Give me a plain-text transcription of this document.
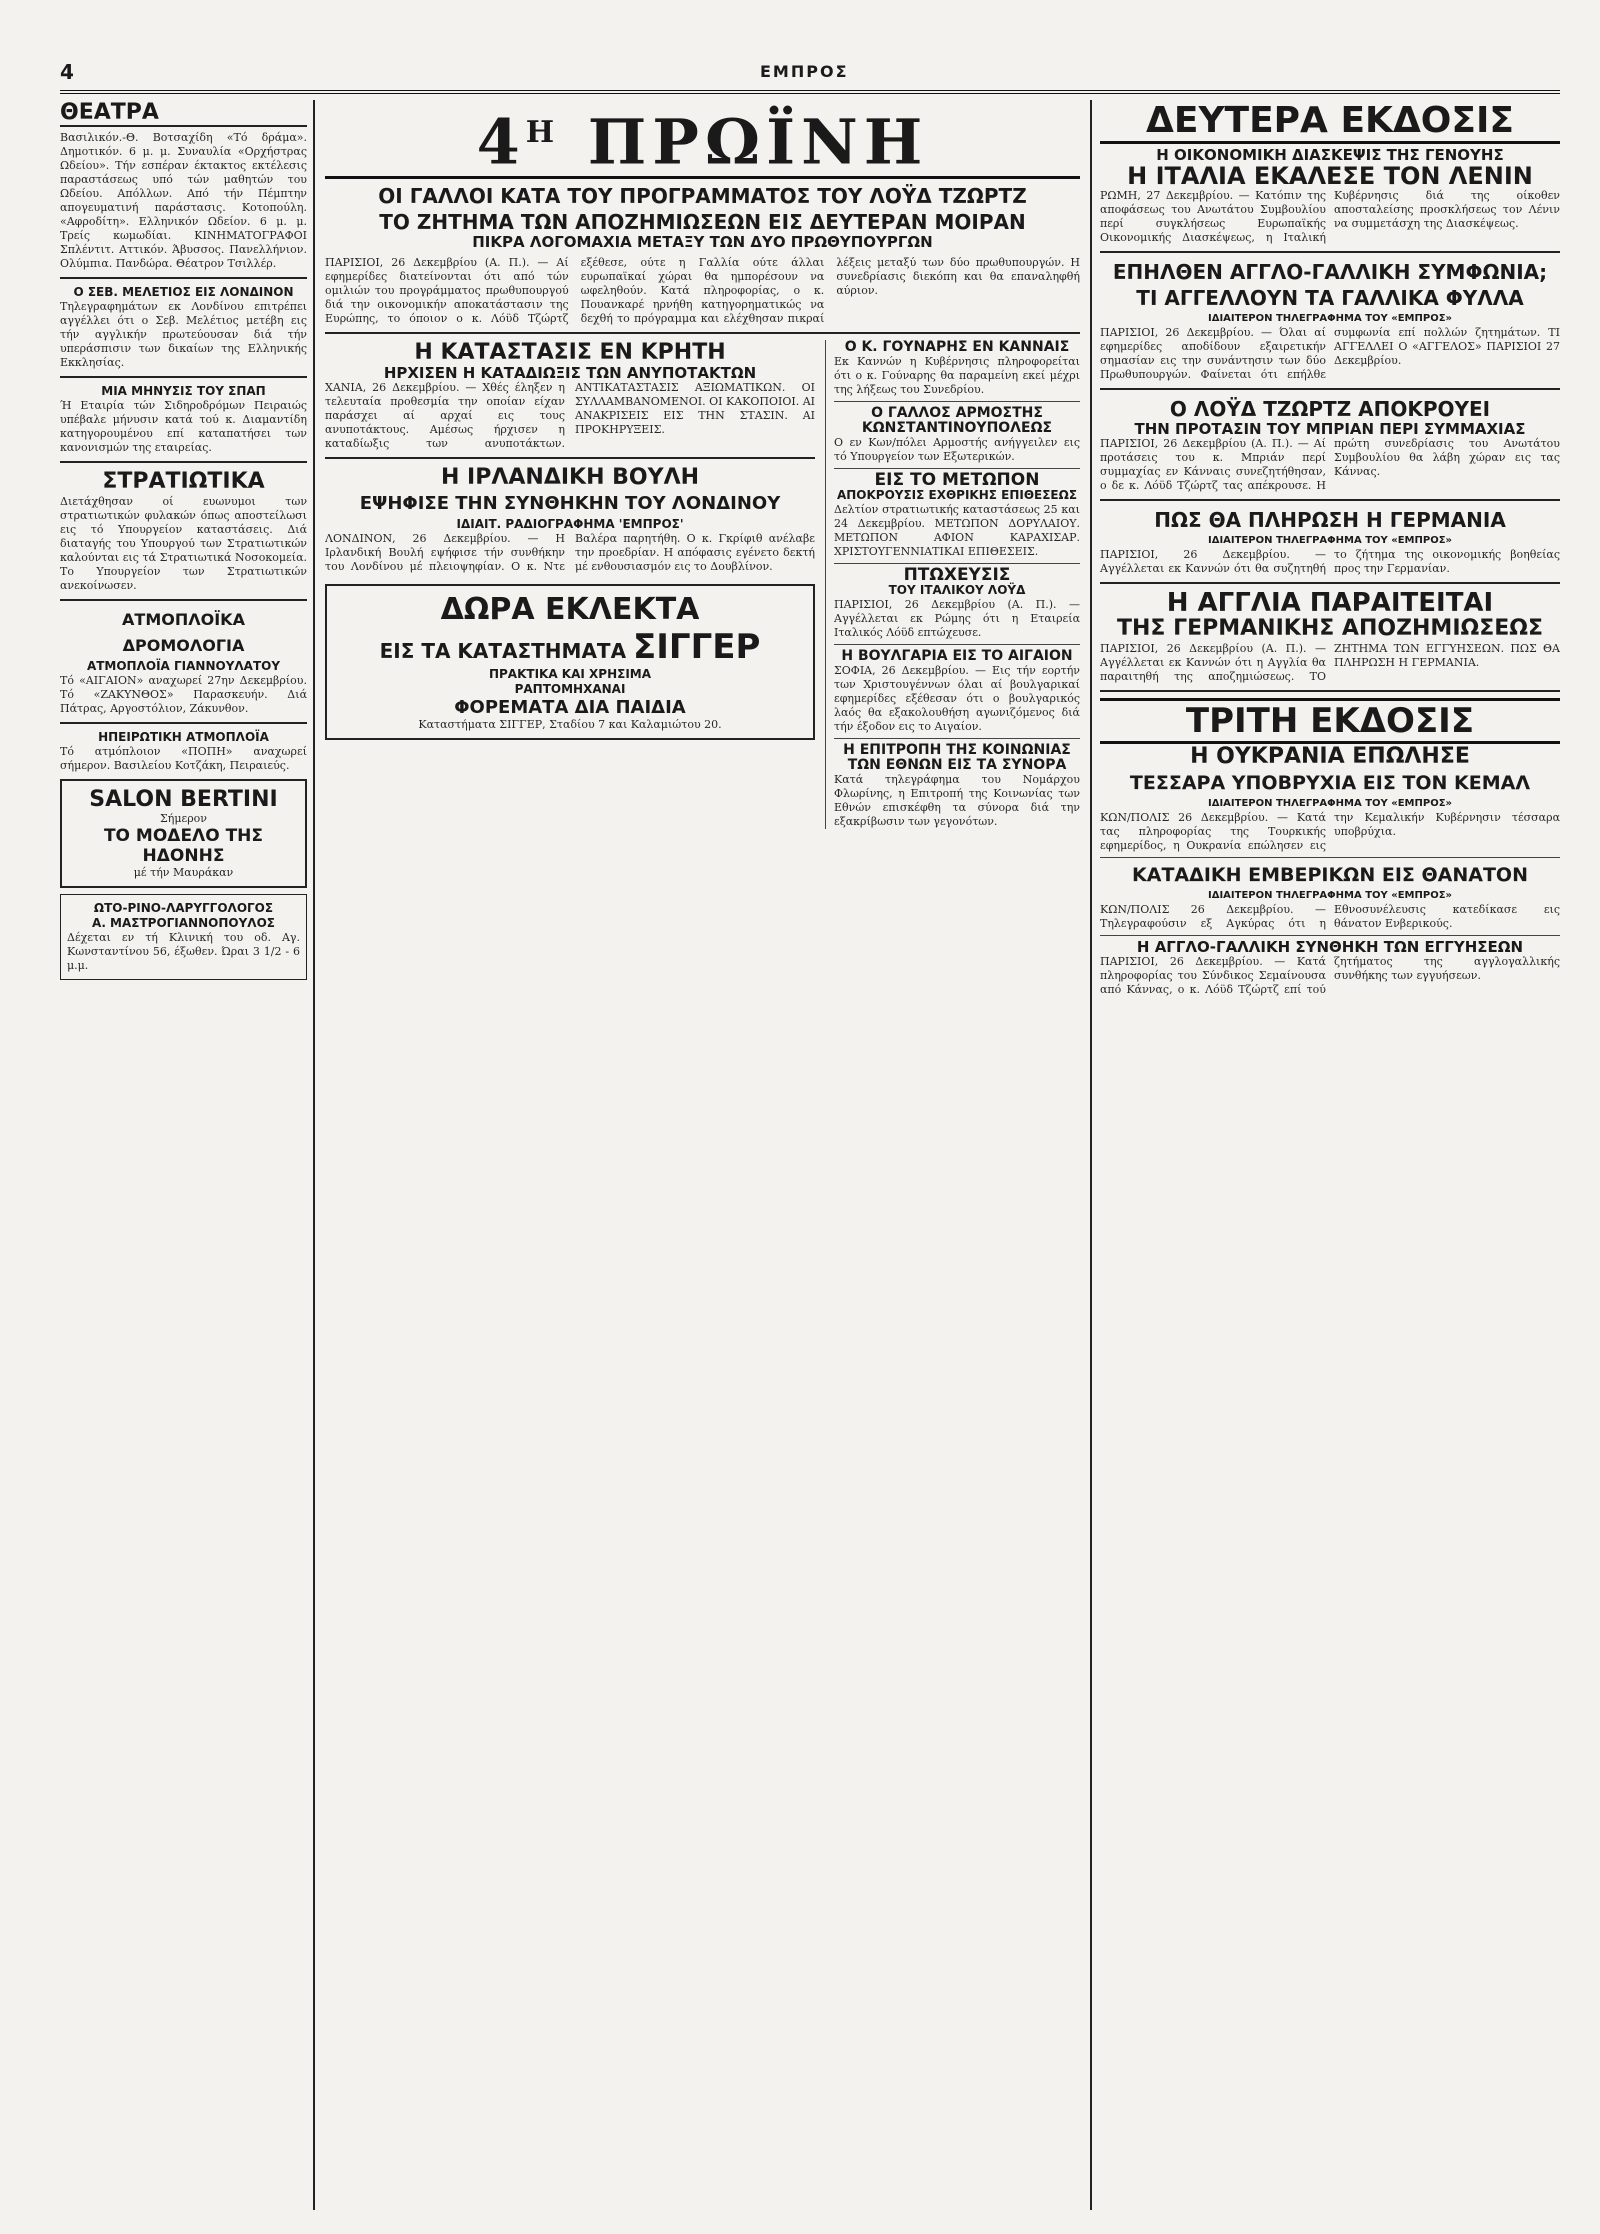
4	ΕΜΠΡΟΣ
ΘΕΑΤΡΑ

Βασιλικόν.-Θ. Βοτσαχίδη «Τό δράμα». Δημοτικόν. 6 μ. μ. Συναυλία «Ορχήστρας Ωδείου». Τήν εσπέραν έκτακτος εκτέλεσις παραστάσεως υπό τών μαθητών του Ωδείου. Απόλλων. Από τήν Πέμπτην απογευματινή παράστασις. Κοτοπούλη. «Αφροδίτη». Ελληνικόν Ωδείον. 6 μ. μ. Τρείς κωμωδίαι. ΚΙΝΗΜΑΤΟΓΡΑΦΟΙ Σπλέντιτ. Αττικόν. Άβυσσος. Πανελλήνιον. Ολύμπια. Πανδώρα. Θέατρον Τσιλλέρ.

Ο ΣΕΒ. ΜΕΛΕΤΙΟΣ ΕΙΣ ΛΟΝΔΙΝΟΝ

Τηλεγραφημάτων εκ Λονδίνου επιτρέπει αγγέλλει ότι ο Σεβ. Μελέτιος μετέβη εις τήν αγγλικήν πρωτεύουσαν διά τήν υπεράσπισιν των δικαίων της Ελληνικής Εκκλησίας.

ΜΙΑ ΜΗΝΥΣΙΣ ΤΟΥ ΣΠΑΠ

Ή Εταιρία τών Σιδηροδρόμων Πειραιώς υπέβαλε μήνυσιν κατά τού κ. Διαμαντίδη κατηγορουμένου επί καταπατήσει των κανονισμών της εταιρείας.

ΣΤΡΑΤΙΩΤΙΚΑ

Διετάχθησαν οί ευωνυμοι των στρατιωτικών φυλακών όπως αποστείλωσι εις τό Υπουργείον καταστάσεις. Διά διαταγής του Υπουργού των Στρατιωτικών καλούνται εις τά Στρατιωτικά Νοσοκομεία. Το Υπουργείον των Στρατιωτικών ανεκοίνωσεν.

ΑΤΜΟΠΛΟΪΚΑ ΔΡΟΜΟΛΟΓΙΑ
ΑΤΜΟΠΛΟΪΑ ΓΙΑΝΝΟΥΛΑΤΟΥ

Τό «ΑΙΓΑΙΟΝ» αναχωρεί 27ην Δεκεμβρίου. Τό «ΖΑΚΥΝΘΟΣ» Παρασκευήν. Διά Πάτρας, Αργοστόλιον, Ζάκυνθον.

ΗΠΕΙΡΩΤΙΚΗ ΑΤΜΟΠΛΟΪΑ

Τό ατμόπλοιον «ΠΟΠΗ» αναχωρεί σήμερον. Βασιλείου Κοτζάκη, Πειραιεύς.

SALON BERTINI
Σήμερον
ΤΟ ΜΟΔΕΛΟ ΤΗΣ ΗΔΟΝΗΣ
μέ τήν Μαυράκαν
ΩΤΟ-ΡΙΝΟ-ΛΑΡΥΓΓΟΛΟΓΟΣ
Α. ΜΑΣΤΡΟΓΙΑΝΝΟΠΟΥΛΟΣ

Δέχεται εν τή Κλινική του οδ. Αγ. Κωνσταντίνου 56, έξωθεν. Ώραι 3 1/2 - 6 μ.μ.

$4^H$ ΠΡΩΪΝΗ
ΟΙ ΓΑΛΛΟΙ ΚΑΤΑ ΤΟΥ ΠΡΟΓΡΑΜΜΑΤΟΣ ΤΟΥ ΛΟΫΔ ΤΖΩΡΤΖ
ΤΟ ΖΗΤΗΜΑ ΤΩΝ ΑΠΟΖΗΜΙΩΣΕΩΝ ΕΙΣ ΔΕΥΤΕΡΑΝ ΜΟΙΡΑΝ
ΠΙΚΡΑ ΛΟΓΟΜΑΧΙΑ ΜΕΤΑΞΥ ΤΩΝ ΔΥΟ ΠΡΩΘΥΠΟΥΡΓΩΝ

ΠΑΡΙΣΙΟΙ, 26 Δεκεμβρίου (Α. Π.). — Αί εφημερίδες διατείνονται ότι από τών ομιλιών του προγράμματος πρωθυπουργού διά την οικονομικήν αποκατάστασιν της Ευρώπης, το όποιον ο κ. Λόϋδ Τζώρτζ εξέθεσε, ούτε η Γαλλία ούτε άλλαι ευρωπαϊκαί χώραι θα ημπορέσουν να ωφεληθούν. Κατά πληροφορίας, ο κ. Πουανκαρέ ηρνήθη κατηγορηματικώς να δεχθή το πρόγραμμα και ελέχθησαν πικραί λέξεις μεταξύ των δύο πρωθυπουργών. Η συνεδρίασις διεκόπη και θα επαναληφθή αύριον.

Η ΚΑΤΑΣΤΑΣΙΣ ΕΝ ΚΡΗΤΗ
ΗΡΧΙΣΕΝ Η ΚΑΤΑΔΙΩΞΙΣ ΤΩΝ ΑΝΥΠΟΤΑΚΤΩΝ

ΧΑΝΙΑ, 26 Δεκεμβρίου. — Χθές έληξεν η τελευταία προθεσμία την οποίαν είχαν παράσχει αί αρχαί εις τους ανυποτάκτους. Αμέσως ήρχισεν η καταδίωξις των ανυποτάκτων. ΑΝΤΙΚΑΤΑΣΤΑΣΙΣ ΑΞΙΩΜΑΤΙΚΩΝ. ΟΙ ΣΥΛΛΑΜΒΑΝΟΜΕΝΟΙ. ΟΙ ΚΑΚΟΠΟΙΟΙ. ΑΙ ΑΝΑΚΡΙΣΕΙΣ ΕΙΣ ΤΗΝ ΣΤΑΣΙΝ. ΑΙ ΠΡΟΚΗΡΥΞΕΙΣ.

Η ΙΡΛΑΝΔΙΚΗ ΒΟΥΛΗ
ΕΨΗΦΙΣΕ ΤΗΝ ΣΥΝΘΗΚΗΝ ΤΟΥ ΛΟΝΔΙΝΟΥ
ΙΔΙΑΙΤ. ΡΑΔΙΟΓΡΑΦΗΜΑ 'ΕΜΠΡΟΣ'

ΛΟΝΔΙΝΟΝ, 26 Δεκεμβρίου. — Η Ιρλανδική Βουλή εψήφισε τήν συνθήκην του Λονδίνου μέ πλειοψηφίαν. Ο κ. Ντε Βαλέρα παρητήθη. Ο κ. Γκρίφιθ ανέλαβε την προεδρίαν. Η απόφασις εγένετο δεκτή μέ ενθουσιασμόν εις το Δουβλίνον.

ΔΩΡΑ ΕΚΛΕΚΤΑ
ΕΙΣ ΤΑ ΚΑΤΑΣΤΗΜΑΤΑ ΣΙΓΓΕΡ
ΠΡΑΚΤΙΚΑ ΚΑΙ ΧΡΗΣΙΜΑ
ΡΑΠΤΟΜΗΧΑΝΑΙ
ΦΟΡΕΜΑΤΑ ΔΙΑ ΠΑΙΔΙΑ
Καταστήματα ΣΙΓΓΕΡ, Σταδίου 7 και Καλαμιώτου 20.
Ο Κ. ΓΟΥΝΑΡΗΣ ΕΝ ΚΑΝΝΑΙΣ

Εκ Καννών η Κυβέρνησις πληροφορείται ότι ο κ. Γούναρης θα παραμείνη εκεί μέχρι της λήξεως του Συνεδρίου.

Ο ΓΑΛΛΟΣ ΑΡΜΟΣΤΗΣ ΚΩΝΣΤΑΝΤΙΝΟΥΠΟΛΕΩΣ

Ο εν Κων/πόλει Αρμοστής ανήγγειλεν εις τό Υπουργείον των Εξωτερικών.

ΕΙΣ ΤΟ ΜΕΤΩΠΟΝ
ΑΠΟΚΡΟΥΣΙΣ ΕΧΘΡΙΚΗΣ ΕΠΙΘΕΣΕΩΣ

Δελτίον στρατιωτικής καταστάσεως 25 και 24 Δεκεμβρίου. ΜΕΤΩΠΟΝ ΔΟΡΥΛΑΙΟΥ. ΜΕΤΩΠΟΝ ΑΦΙΟΝ ΚΑΡΑΧΙΣΑΡ. ΧΡΙΣΤΟΥΓΕΝΝΙΑΤΙΚΑΙ ΕΠΙΘΕΣΕΙΣ.

ΠΤΩΧΕΥΣΙΣ
ΤΟΥ ΙΤΑΛΙΚΟΥ ΛΟΫΔ

ΠΑΡΙΣΙΟΙ, 26 Δεκεμβρίου (Α. Π.). — Αγγέλλεται εκ Ρώμης ότι η Εταιρεία Ιταλικός Λόϋδ επτώχευσε.

Η ΒΟΥΛΓΑΡΙΑ ΕΙΣ ΤΟ ΑΙΓΑΙΟΝ

ΣΟΦΙΑ, 26 Δεκεμβρίου. — Εις τήν εορτήν των Χριστουγέννων όλαι αί βουλγαρικαί εφημερίδες εξέθεσαν ότι ο βουλγαρικός λαός θα εξακολουθήση αγωνιζόμενος διά τήν έξοδον εις το Αιγαίον.

Η ΕΠΙΤΡΟΠΗ ΤΗΣ ΚΟΙΝΩΝΙΑΣ ΤΩΝ ΕΘΝΩΝ ΕΙΣ ΤΑ ΣΥΝΟΡΑ

Κατά τηλεγράφημα του Νομάρχου Φλωρίνης, η Επιτροπή της Κοινωνίας των Εθνών επισκέφθη τα σύνορα διά την εξακρίβωσιν των γεγονότων.

ΔΕΥΤΕΡΑ ΕΚΔΟΣΙΣ
Η ΟΙΚΟΝΟΜΙΚΗ ΔΙΑΣΚΕΨΙΣ ΤΗΣ ΓΕΝΟΥΗΣ
Η ΙΤΑΛΙΑ ΕΚΑΛΕΣΕ ΤΟΝ ΛΕΝΙΝ

ΡΩΜΗ, 27 Δεκεμβρίου. — Κατόπιν της αποφάσεως του Ανωτάτου Συμβουλίου περί συγκλήσεως Ευρωπαϊκής Οικονομικής Διασκέψεως, η Ιταλική Κυβέρνησις διά της οίκοθεν αποσταλείσης προσκλήσεως τον Λένιν να συμμετάσχη της Διασκέψεως.

ΕΠΗΛΘΕΝ ΑΓΓΛΟ-ΓΑΛΛΙΚΗ ΣΥΜΦΩΝΙΑ;
ΤΙ ΑΓΓΕΛΛΟΥΝ ΤΑ ΓΑΛΛΙΚΑ ΦΥΛΛΑ
ΙΔΙΑΙΤΕΡΟΝ ΤΗΛΕΓΡΑΦΗΜΑ ΤΟΥ «ΕΜΠΡΟΣ»

ΠΑΡΙΣΙΟΙ, 26 Δεκεμβρίου. — Όλαι αί εφημερίδες αποδίδουν εξαιρετικήν σημασίαν εις την συνάντησιν των δύο Πρωθυπουργών. Φαίνεται ότι επήλθε συμφωνία επί πολλών ζητημάτων. ΤΙ ΑΓΓΕΛΛΕΙ Ο «ΑΓΓΕΛΟΣ» ΠΑΡΙΣΙΟΙ 27 Δεκεμβρίου.

Ο ΛΟΫΔ ΤΖΩΡΤΖ ΑΠΟΚΡΟΥΕΙ
ΤΗΝ ΠΡΟΤΑΣΙΝ ΤΟΥ ΜΠΡΙΑΝ ΠΕΡΙ ΣΥΜΜΑΧΙΑΣ

ΠΑΡΙΣΙΟΙ, 26 Δεκεμβρίου (Α. Π.). — Αί προτάσεις του κ. Μπριάν περί συμμαχίας εν Κάνναις συνεζητήθησαν, ο δε κ. Λόϋδ Τζώρτζ τας απέκρουσε. Η πρώτη συνεδρίασις του Ανωτάτου Συμβουλίου θα λάβη χώραν εις τας Κάννας.

ΠΩΣ ΘΑ ΠΛΗΡΩΣΗ Η ΓΕΡΜΑΝΙΑ
ΙΔΙΑΙΤΕΡΟΝ ΤΗΛΕΓΡΑΦΗΜΑ ΤΟΥ «ΕΜΠΡΟΣ»

ΠΑΡΙΣΙΟΙ, 26 Δεκεμβρίου. — Αγγέλλεται εκ Καννών ότι θα συζητηθή το ζήτημα της οικονομικής βοηθείας προς την Γερμανίαν.

Η ΑΓΓΛΙΑ ΠΑΡΑΙΤΕΙΤΑΙ
ΤΗΣ ΓΕΡΜΑΝΙΚΗΣ ΑΠΟΖΗΜΙΩΣΕΩΣ

ΠΑΡΙΣΙΟΙ, 26 Δεκεμβρίου (Α. Π.). — Αγγέλλεται εκ Καννών ότι η Αγγλία θα παραιτηθή της αποζημιώσεως. ΤΟ ΖΗΤΗΜΑ ΤΩΝ ΕΓΓΥΗΣΕΩΝ. ΠΩΣ ΘΑ ΠΛΗΡΩΣΗ Η ΓΕΡΜΑΝΙΑ.

ΤΡΙΤΗ ΕΚΔΟΣΙΣ
Η ΟΥΚΡΑΝΙΑ ΕΠΩΛΗΣΕ
ΤΕΣΣΑΡΑ ΥΠΟΒΡΥΧΙΑ ΕΙΣ ΤΟΝ ΚΕΜΑΛ
ΙΔΙΑΙΤΕΡΟΝ ΤΗΛΕΓΡΑΦΗΜΑ ΤΟΥ «ΕΜΠΡΟΣ»

ΚΩΝ/ΠΟΛΙΣ 26 Δεκεμβρίου. — Κατά τας πληροφορίας της Τουρκικής εφημερίδος, η Ουκρανία επώλησεν εις την Κεμαλικήν Κυβέρνησιν τέσσαρα υποβρύχια.

ΚΑΤΑΔΙΚΗ ΕΜΒΕΡΙΚΩΝ ΕΙΣ ΘΑΝΑΤΟΝ
ΙΔΙΑΙΤΕΡΟΝ ΤΗΛΕΓΡΑΦΗΜΑ ΤΟΥ «ΕΜΠΡΟΣ»

ΚΩΝ/ΠΟΛΙΣ 26 Δεκεμβρίου. — Τηλεγραφούσιν εξ Αγκύρας ότι η Εθνοσυνέλευσις κατεδίκασε εις θάνατον Ενβερικούς.

Η ΑΓΓΛΟ-ΓΑΛΛΙΚΗ ΣΥΝΘΗΚΗ ΤΩΝ ΕΓΓΥΗΣΕΩΝ

ΠΑΡΙΣΙΟΙ, 26 Δεκεμβρίου. — Κατά πληροφορίας του Σύνδικος Σεμαίνουσα από Κάννας, ο κ. Λόϋδ Τζώρτζ επί τού ζητήματος της αγγλογαλλικής συνθήκης των εγγυήσεων.
